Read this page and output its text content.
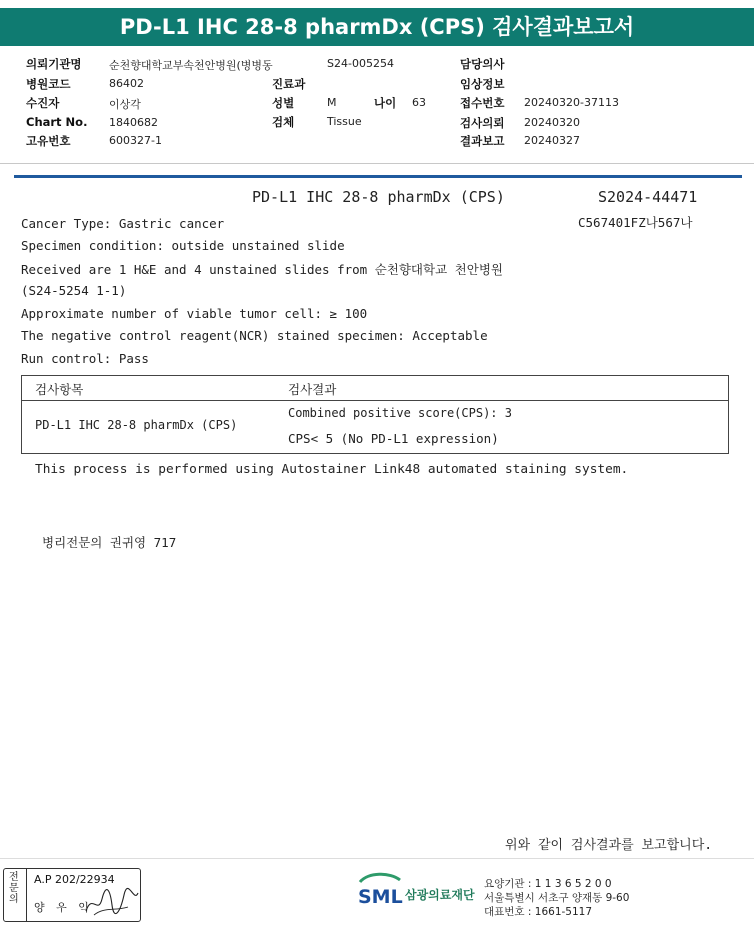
PD-L1 IHC 28-8 pharmDx (CPS) 검사결과보고서
의뢰기관명 순천향대학교부속천안병원(병병동	S24-005254	담당의사
병원코드	86402	진료과	임상정보
수진자	이상각	성별	M	나이 63	접수번호 20240320-37113
Chart No. 1840682	검체	Tissue	검사의뢰 20240320
고유번호	600327-1	결과보고 20240327
PD-L1 IHC 28-8 pharmDx (CPS)	S2024-44471
C567401FZ나567나
Cancer Type: Gastric cancer
Specimen condition: outside unstained slide
Received are 1 H&E and 4 unstained slides from 순천향대학교 천안병원
(S24-5254 1-1)
Approximate number of viable tumor cell: ≥ 100
The negative control reagent(NCR) stained specimen: Acceptable
Run control: Pass
검사항목	검사결과
PD-L1 IHC 28-8 pharmDx (CPS)
Combined positive score(CPS): 3
CPS< 5 (No PD-L1 expression)
This process is performed using Autostainer Link48 automated staining system.
병리전문의 권귀영 717
위와 같이 검사결과를 보고합니다.
전문의
A.P 202/22934
양 우 익	SML 삼광의료재단
요양기관 : 1 1 3 6 5 2 0 0
서울특별시 서초구 양재동 9-60
대표번호 : 1661-5117
